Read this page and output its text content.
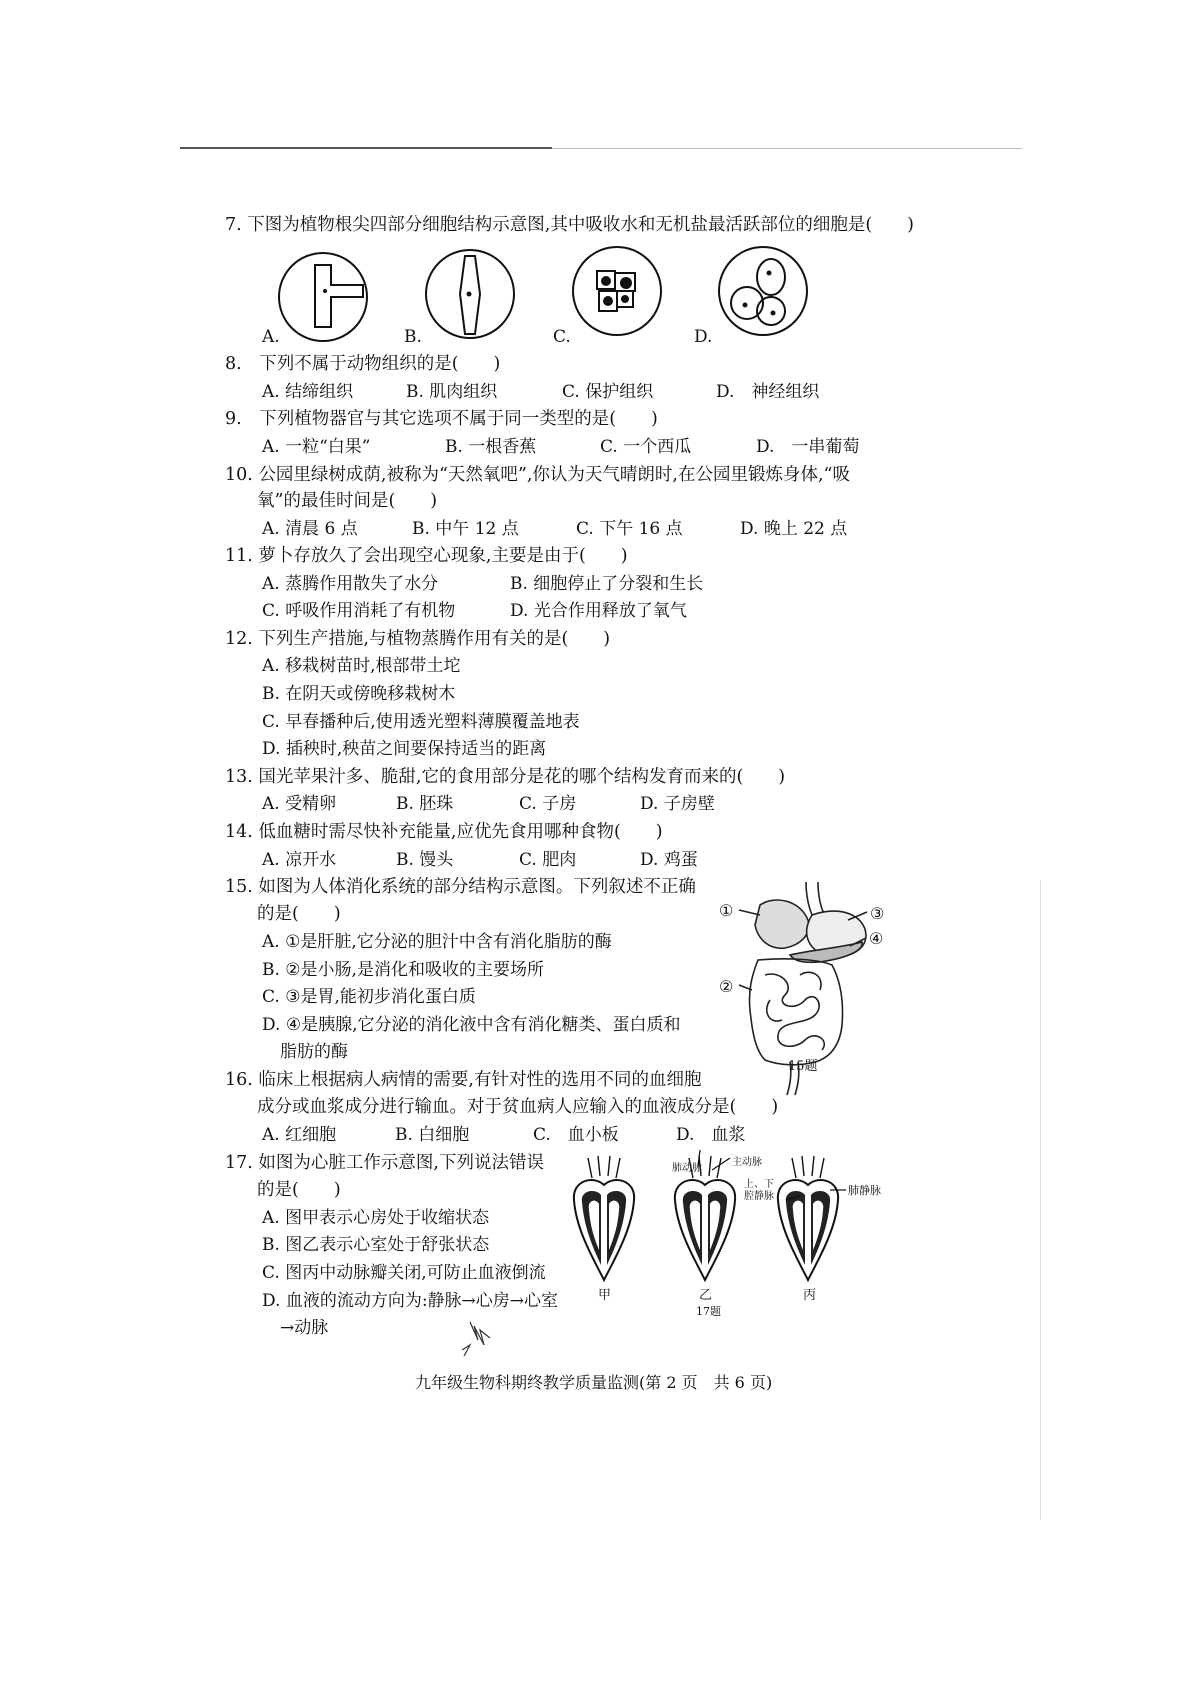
7. 下图为植物根尖四部分细胞结构示意图,其中吸收水和无机盐最活跃部位的细胞是(　　)
A.	B.	C.	D.
8.　下列不属于动物组织的是(　　)
A. 结缔组织	B. 肌肉组织	C. 保护组织	D.　神经组织
9.　下列植物器官与其它选项不属于同一类型的是(　　)
A. 一粒“白果”	B. 一根香蕉	C. 一个西瓜	D.　一串葡萄
10. 公园里绿树成荫,被称为“天然氧吧”,你认为天气晴朗时,在公园里锻炼身体,“吸
氧”的最佳时间是(　　)
A. 清晨 6 点	B. 中午 12 点	C. 下午 16 点	D. 晚上 22 点
11. 萝卜存放久了会出现空心现象,主要是由于(　　)
A. 蒸腾作用散失了水分	B. 细胞停止了分裂和生长
C. 呼吸作用消耗了有机物	D. 光合作用释放了氧气
12. 下列生产措施,与植物蒸腾作用有关的是(　　)
A. 移栽树苗时,根部带土坨
B. 在阴天或傍晚移栽树木
C. 早春播种后,使用透光塑料薄膜覆盖地表
D. 插秧时,秧苗之间要保持适当的距离
13. 国光苹果汁多、脆甜,它的食用部分是花的哪个结构发育而来的(　　)
A. 受精卵	B. 胚珠	C. 子房	D. 子房壁
14. 低血糖时需尽快补充能量,应优先食用哪种食物(　　)
A. 凉开水	B. 馒头	C. 肥肉	D. 鸡蛋
15. 如图为人体消化系统的部分结构示意图。下列叙述不正确
的是(　　)
A. ①是肝脏,它分泌的胆汁中含有消化脂肪的酶
B. ②是小肠,是消化和吸收的主要场所
C. ③是胃,能初步消化蛋白质
D. ④是胰腺,它分泌的消化液中含有消化糖类、蛋白质和
脂肪的酶
①
②
③
④
15题
16. 临床上根据病人病情的需要,有针对性的选用不同的血细胞
成分或血浆成分进行输血。对于贫血病人应输入的血液成分是(　　)
A. 红细胞	B. 白细胞	C.　血小板	D.　血浆
17. 如图为心脏工作示意图,下列说法错误
的是(　　)
A. 图甲表示心房处于收缩状态
B. 图乙表示心室处于舒张状态
C. 图丙中动脉瓣关闭,可防止血液倒流
D. 血液的流动方向为:静脉→心房→心室
→动脉
肺动脉
主动脉
上、下腔静脉	肺静脉
甲	乙	丙
17题
九年级生物科期终教学质量监测(第 2 页　共 6 页)
